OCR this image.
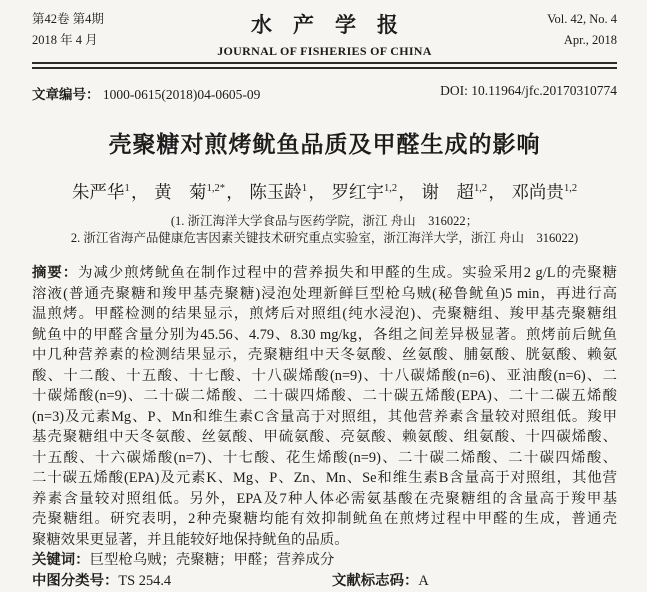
第42卷 第4期
2018 年 4 月
水　产　学　报
JOURNAL OF FISHERIES OF CHINA
Vol. 42, No. 4
Apr., 2018
文章编号： 1000-0615(2018)04-0605-09	DOI: 10.11964/jfc.20170310774
壳聚糖对煎烤鱿鱼品质及甲醛生成的影响
朱严华$^1$， 黄　菊$^{1,2*}$， 陈玉龄$^1$， 罗红宇$^{1,2}$， 谢　超$^{1,2}$， 邓尚贵$^{1,2}$
(1. 浙江海洋大学食品与医药学院，浙江 舟山　316022；
2. 浙江省海产品健康危害因素关键技术研究重点实验室，浙江海洋大学，浙江 舟山　316022)
摘要：为减少煎烤鱿鱼在制作过程中的营养损失和甲醛的生成。实验采用2 g/L的壳聚糖
溶液(普通壳聚糖和羧甲基壳聚糖)浸泡处理新鲜巨型枪乌贼(秘鲁鱿鱼)5 min，再进行高
温煎烤。甲醛检测的结果显示，煎烤后对照组(纯水浸泡)、壳聚糖组、羧甲基壳聚糖组
鱿鱼中的甲醛含量分别为45.56、4.79、8.30 mg/kg，各组之间差异极显著。煎烤前后鱿鱼
中几种营养素的检测结果显示，壳聚糖组中天冬氨酸、丝氨酸、脯氨酸、胱氨酸、赖氨
酸、十二酸、十五酸、十七酸、十八碳烯酸(n=9)、十八碳烯酸(n=6)、亚油酸(n=6)、二
十碳烯酸(n=9)、二十碳二烯酸、二十碳四烯酸、二十碳五烯酸(EPA)、二十二碳五烯酸
(n=3)及元素Mg、P、Mn和维生素C含量高于对照组，其他营养素含量较对照组低。羧甲
基壳聚糖组中天冬氨酸、丝氨酸、甲硫氨酸、亮氨酸、赖氨酸、组氨酸、十四碳烯酸、
十五酸、十六碳烯酸(n=7)、十七酸、花生烯酸(n=9)、二十碳二烯酸、二十碳四烯酸、
二十碳五烯酸(EPA)及元素K、Mg、P、Zn、Mn、Se和维生素B含量高于对照组，其他营
养素含量较对照组低。另外，EPA及7种人体必需氨基酸在壳聚糖组的含量高于羧甲基
壳聚糖组。研究表明，2种壳聚糖均能有效抑制鱿鱼在煎烤过程中甲醛的生成，普通壳
聚糖效果更显著，并且能较好地保持鱿鱼的品质。
关键词：巨型枪乌贼；壳聚糖；甲醛；营养成分
中图分类号：TS 254.4	文献标志码：A
